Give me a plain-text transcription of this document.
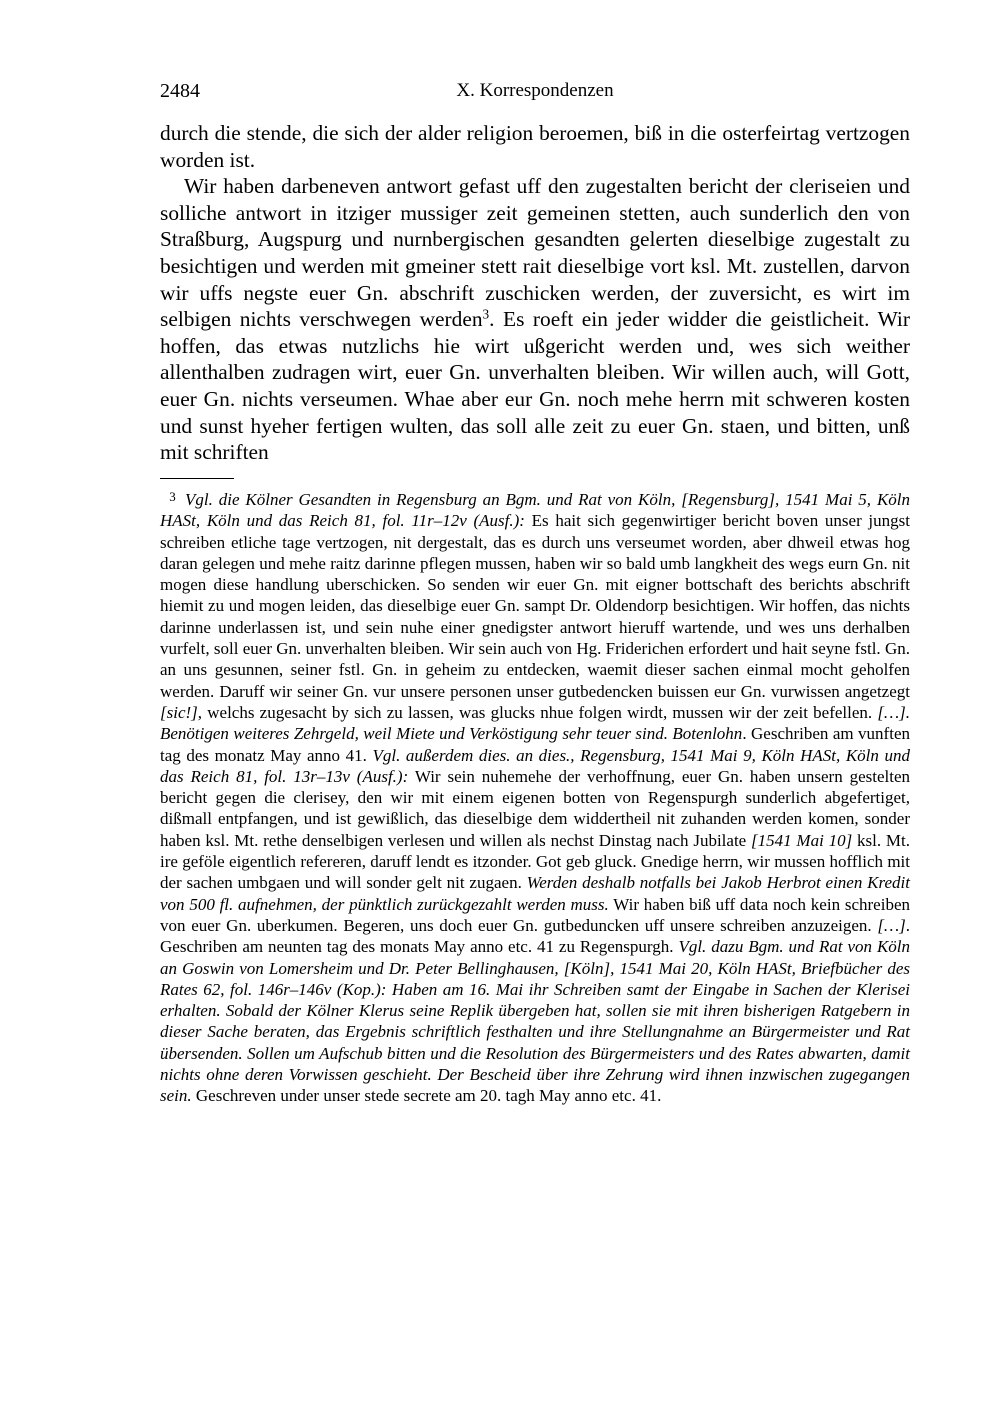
2484	X. Korrespondenzen

durch die stende, die sich der alder religion beroemen, biß in die osterfeirtag vertzogen worden ist.

Wir haben darbeneven antwort gefast uff den zugestalten bericht der cleriseien und solliche antwort in itziger mussiger zeit gemeinen stetten, auch sunderlich den von Straßburg, Augspurg und nurnbergischen gesandten gelerten dieselbige zugestalt zu besichtigen und werden mit gmeiner stett rait dieselbige vort ksl. Mt. zustellen, darvon wir uffs negste euer Gn. abschrift zuschicken werden, der zuversicht, es wirt im selbigen nichts verschwegen werden$^3$. Es roeft ein jeder widder die geistlicheit. Wir hoffen, das etwas nutzlichs hie wirt ußgericht werden und, wes sich weither allenthalben zudragen wirt, euer Gn. unverhalten bleiben. Wir willen auch, will Gott, euer Gn. nichts verseumen. Whae aber eur Gn. noch mehe herrn mit schweren kosten und sunst hyeher fertigen wulten, das soll alle zeit zu euer Gn. staen, und bitten, unß mit schriften

3 Vgl. die Kölner Gesandten in Regensburg an Bgm. und Rat von Köln, [Regensburg], 1541 Mai 5, Köln HASt, Köln und das Reich 81, fol. 11r–12v (Ausf.): Es hait sich gegenwirtiger bericht boven unser jungst schreiben etliche tage vertzogen, nit dergestalt, das es durch uns verseumet worden, aber dhweil etwas hog daran gelegen und mehe raitz darinne pflegen mussen, haben wir so bald umb langkheit des wegs eurn Gn. nit mogen diese handlung uberschicken. So senden wir euer Gn. mit eigner bottschaft des berichts abschrift hiemit zu und mogen leiden, das dieselbige euer Gn. sampt Dr. Oldendorp besichtigen. Wir hoffen, das nichts darinne underlassen ist, und sein nuhe einer gnedigster antwort hieruff wartende, und wes uns derhalben vurfelt, soll euer Gn. unverhalten bleiben. Wir sein auch von Hg. Friderichen erfordert und hait seyne fstl. Gn. an uns gesunnen, seiner fstl. Gn. in geheim zu entdecken, waemit dieser sachen einmal mocht geholfen werden. Daruff wir seiner Gn. vur unsere personen unser gutbedencken buissen eur Gn. vurwissen angetzegt [sic!], welchs zugesacht by sich zu lassen, was glucks nhue folgen wirdt, mussen wir der zeit befellen. […]. Benötigen weiteres Zehrgeld, weil Miete und Verköstigung sehr teuer sind. Botenlohn. Geschriben am vunften tag des monatz May anno 41. Vgl. außerdem dies. an dies., Regensburg, 1541 Mai 9, Köln HASt, Köln und das Reich 81, fol. 13r–13v (Ausf.): Wir sein nuhemehe der verhoffnung, euer Gn. haben unsern gestelten bericht gegen die clerisey, den wir mit einem eigenen botten von Regenspurgh sunderlich abgefertiget, dißmall entpfangen, und ist gewißlich, das dieselbige dem widdertheil nit zuhanden werden komen, sonder haben ksl. Mt. rethe denselbigen verlesen und willen als nechst Dinstag nach Jubilate [1541 Mai 10] ksl. Mt. ire geföle eigentlich refereren, daruff lendt es itzonder. Got geb gluck. Gnedige herrn, wir mussen hofflich mit der sachen umbgaen und will sonder gelt nit zugaen. Werden deshalb notfalls bei Jakob Herbrot einen Kredit von 500 fl. aufnehmen, der pünktlich zurückgezahlt werden muss. Wir haben biß uff data noch kein schreiben von euer Gn. uberkumen. Begeren, uns doch euer Gn. gutbeduncken uff unsere schreiben anzuzeigen. […]. Geschriben am neunten tag des monats May anno etc. 41 zu Regenspurgh. Vgl. dazu Bgm. und Rat von Köln an Goswin von Lomersheim und Dr. Peter Bellinghausen, [Köln], 1541 Mai 20, Köln HASt, Briefbücher des Rates 62, fol. 146r–146v (Kop.): Haben am 16. Mai ihr Schreiben samt der Eingabe in Sachen der Klerisei erhalten. Sobald der Kölner Klerus seine Replik übergeben hat, sollen sie mit ihren bisherigen Ratgebern in dieser Sache beraten, das Ergebnis schriftlich festhalten und ihre Stellungnahme an Bürgermeister und Rat übersenden. Sollen um Aufschub bitten und die Resolution des Bürgermeisters und des Rates abwarten, damit nichts ohne deren Vorwissen geschieht. Der Bescheid über ihre Zehrung wird ihnen inzwischen zugegangen sein. Geschreven under unser stede secrete am 20. tagh May anno etc. 41.
